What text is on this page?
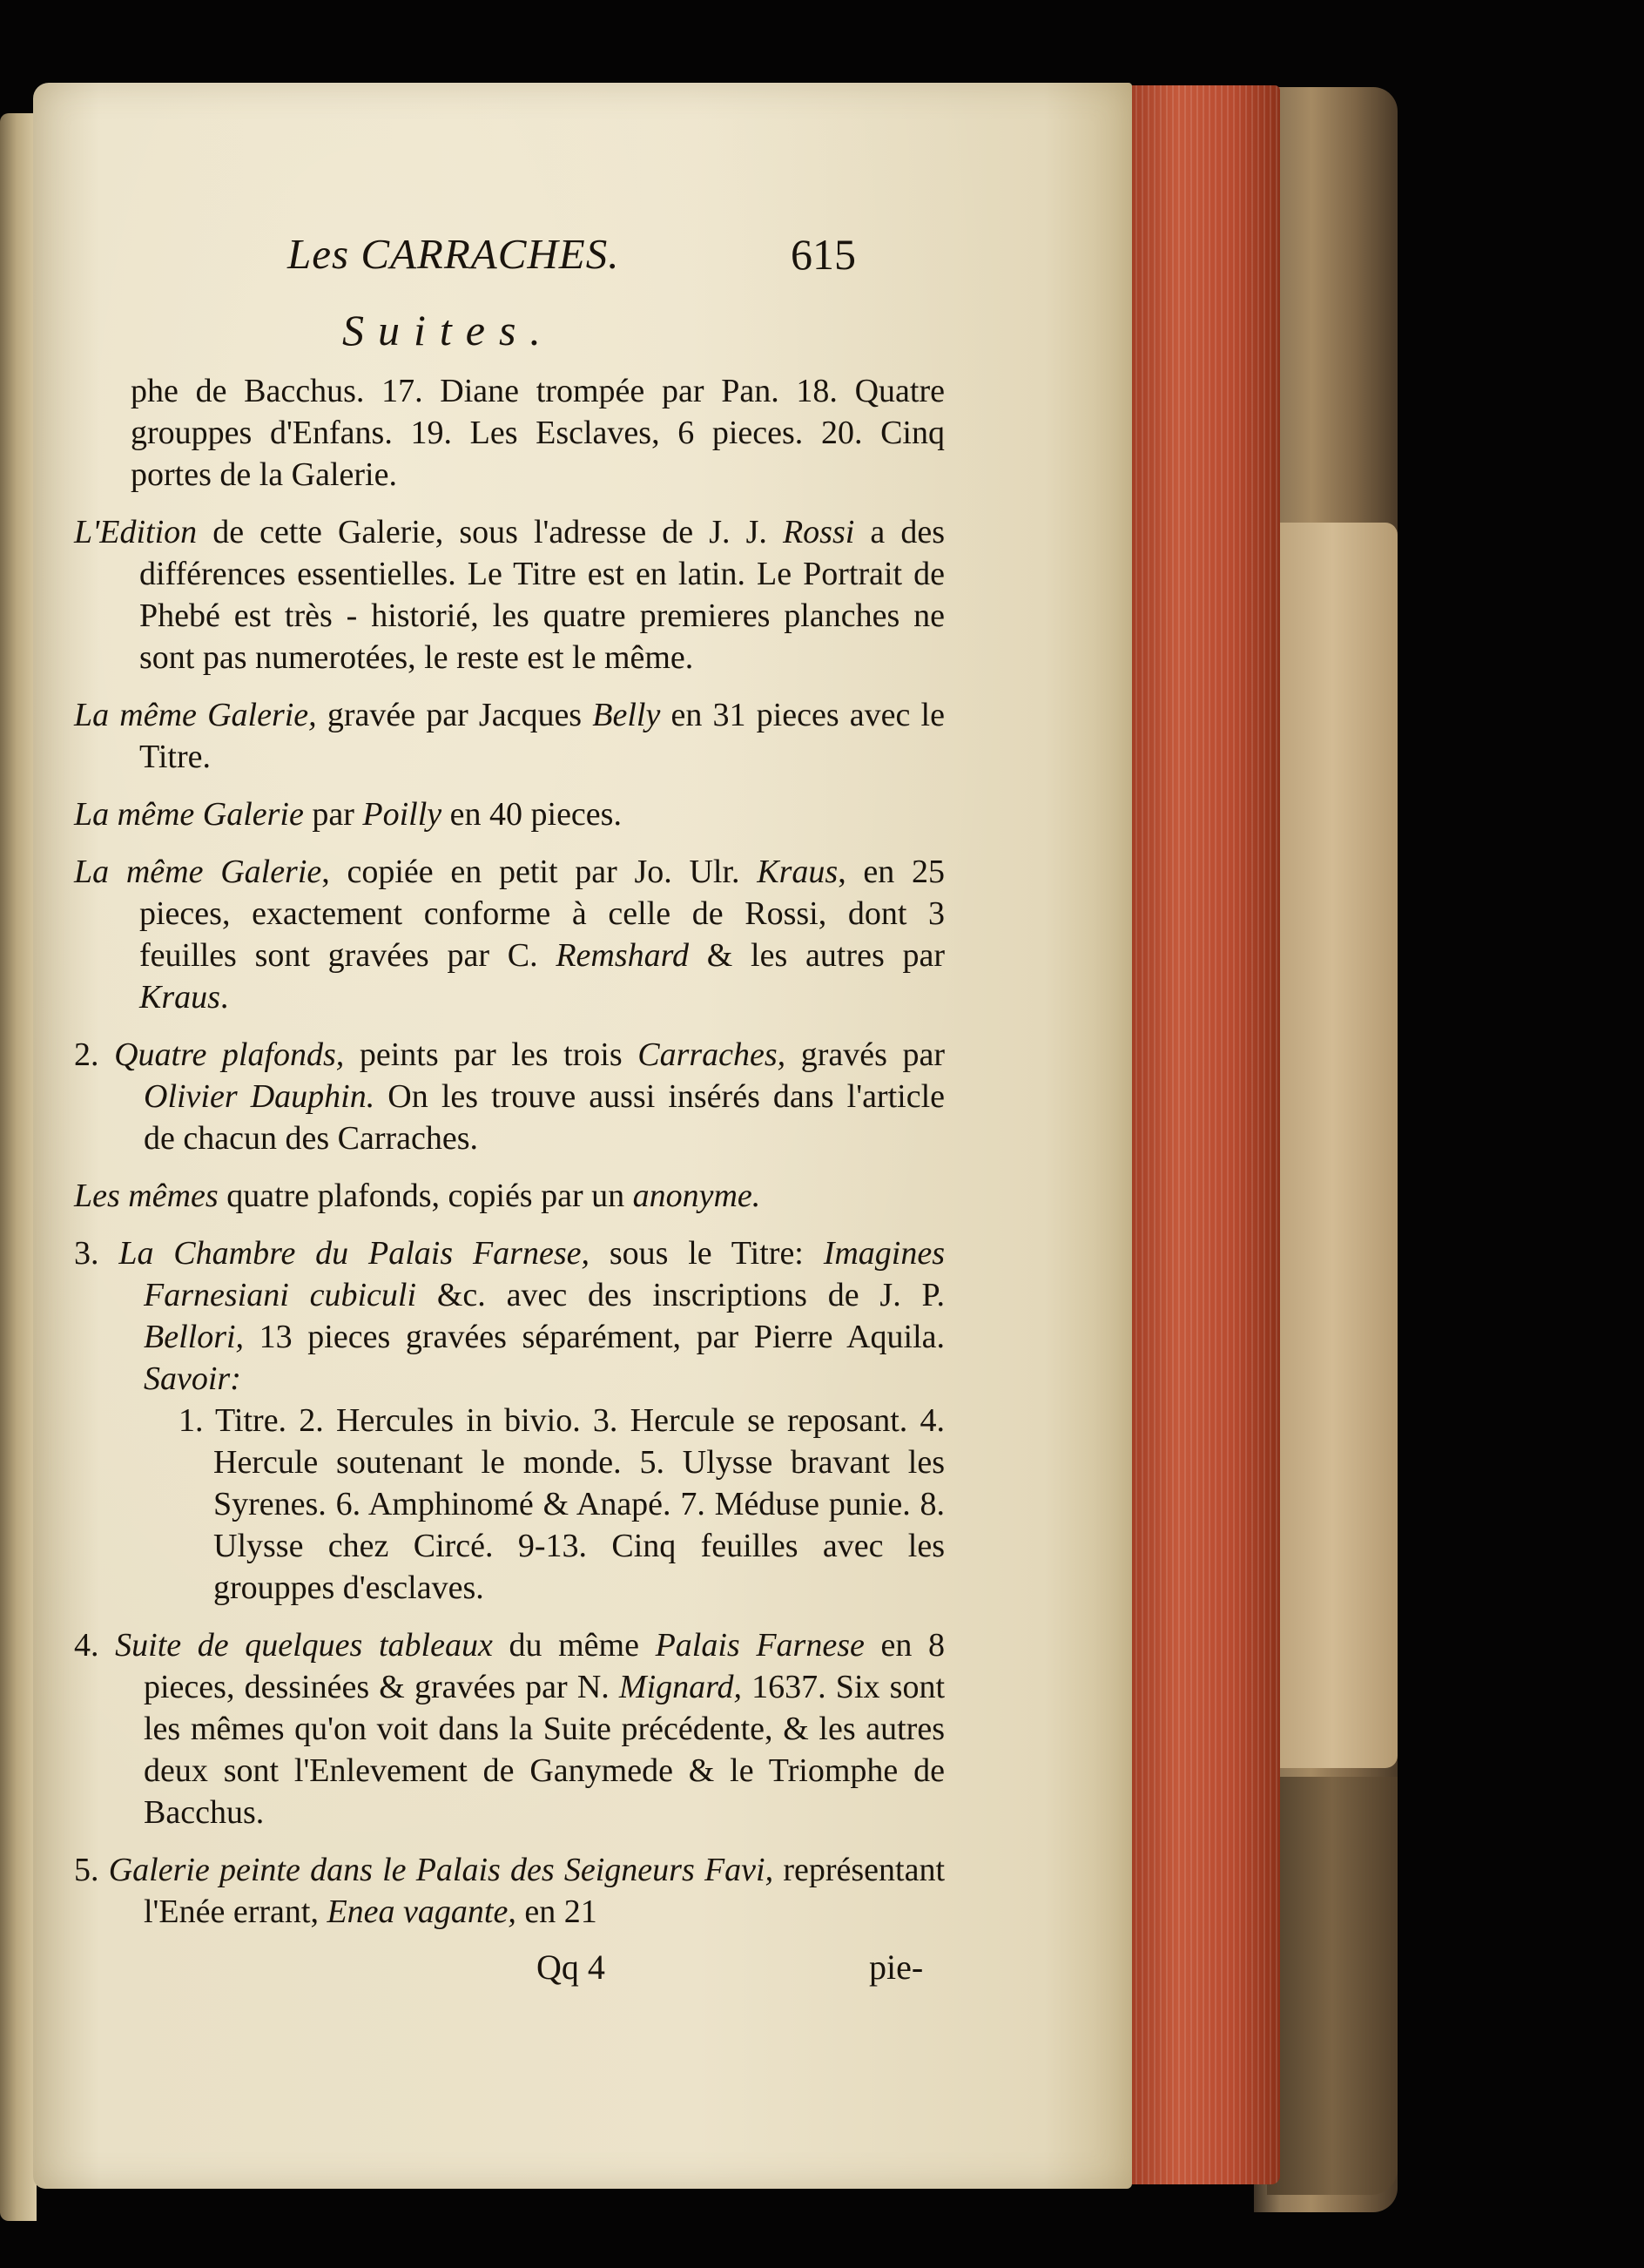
Les CARRACHES.	615
Suites.

phe de Bacchus. 17. Diane trompée par Pan. 18. Quatre grouppes d'Enfans. 19. Les Esclaves, 6 pieces. 20. Cinq portes de la Galerie.

L'Edition de cette Galerie, sous l'adresse de J. J. Rossi a des différences essentielles. Le Titre est en latin. Le Portrait de Phebé est très - historié, les quatre premieres planches ne sont pas numerotées, le reste est le même.

La même Galerie, gravée par Jacques Belly en 31 pieces avec le Titre.

La même Galerie par Poilly en 40 pieces.

La même Galerie, copiée en petit par Jo. Ulr. Kraus, en 25 pieces, exactement conforme à celle de Rossi, dont 3 feuilles sont gravées par C. Remshard & les autres par Kraus.

2. Quatre plafonds, peints par les trois Carraches, gravés par Olivier Dauphin. On les trouve aussi insérés dans l'article de chacun des Carraches.

Les mêmes quatre plafonds, copiés par un anonyme.

3. La Chambre du Palais Farnese, sous le Titre: Imagines Farnesiani cubiculi &c. avec des inscriptions de J. P. Bellori, 13 pieces gravées séparément, par Pierre Aquila. Savoir:

1. Titre. 2. Hercules in bivio. 3. Hercule se reposant. 4. Hercule soutenant le monde. 5. Ulysse bravant les Syrenes. 6. Amphinomé & Anapé. 7. Méduse punie. 8. Ulysse chez Circé. 9-13. Cinq feuilles avec les grouppes d'esclaves.

4. Suite de quelques tableaux du même Palais Farnese en 8 pieces, dessinées & gravées par N. Mignard, 1637. Six sont les mêmes qu'on voit dans la Suite précédente, & les autres deux sont l'Enlevement de Ganymede & le Triomphe de Bacchus.

5. Galerie peinte dans le Palais des Seigneurs Favi, représentant l'Enée errant, Enea vagante, en 21

Qq 4	pie-
